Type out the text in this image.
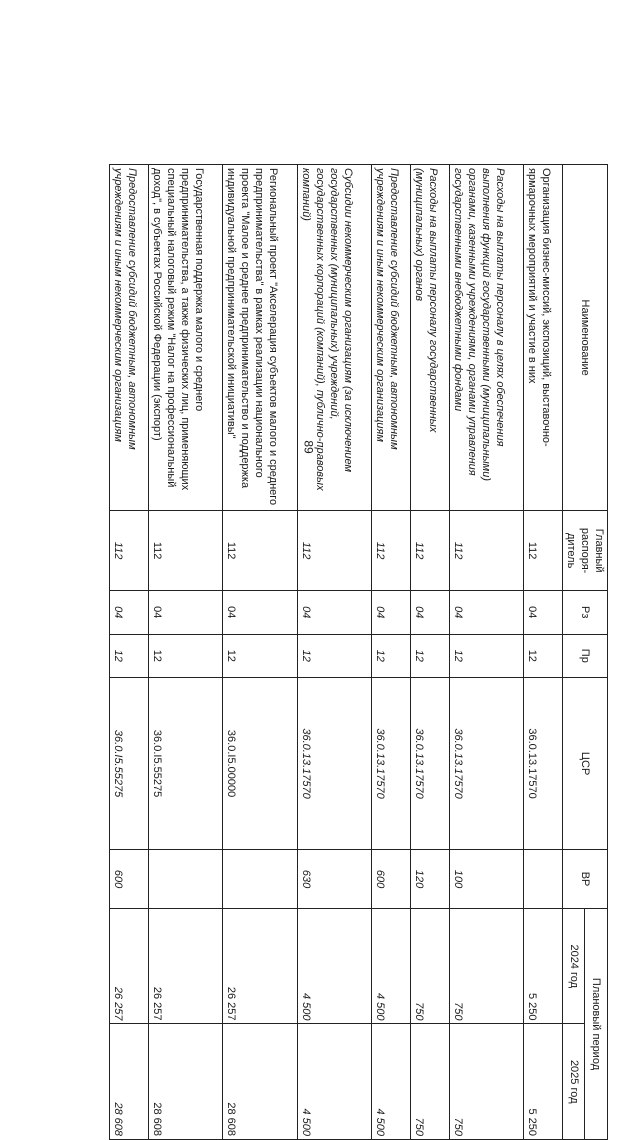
89
Наименование	Главный распоря-дитель	Рз	Пр	ЦСР	ВР	Плановый период	
						2024 год	2025 год
Организация бизнес-миссий, экспозиций, выставочно-ярмарочных мероприятий и участие в них	112	04	12	36.0.13.17570		5 250	5 250
Расходы на выплаты персоналу в целях обеспечения выполнения функций государственными (муниципальными) органами, казенными учреждениями, органами управления государственными внебюджетными фондами	112	04	12	36.0.13.17570	100	750	750
Расходы на выплаты персоналу государственных (муниципальных) органов	112	04	12	36.0.13.17570	120	750	750
Предоставление субсидий бюджетным, автономным учреждениям и иным некоммерческим организациям	112	04	12	36.0.13.17570	600	4 500	4 500
Субсидии некоммерческим организациям (за исключением государственных (муниципальных) учреждений, государственных корпораций (компаний), публично-правовых компаний)	112	04	12	36.0.13.17570	630	4 500	4 500
Региональный проект "Акселерация субъектов малого и среднего предпринимательства" в рамках реализации национального проекта "Малое и среднее предпринимательство и поддержка индивидуальной предпринимательской инициативы"	112	04	12	36.0.I5.00000		26 257	28 608
Государственная поддержка малого и среднего предпринимательства, а также физических лиц, применяющих специальный налоговый режим "Налог на профессиональный доход", в субъектах Российской Федерации (экспорт)	112	04	12	36.0.I5.55275		26 257	28 608
Предоставление субсидий бюджетным, автономным учреждениям и иным некоммерческим организациям	112	04	12	36.0.I5.55275	600	26 257	28 608
